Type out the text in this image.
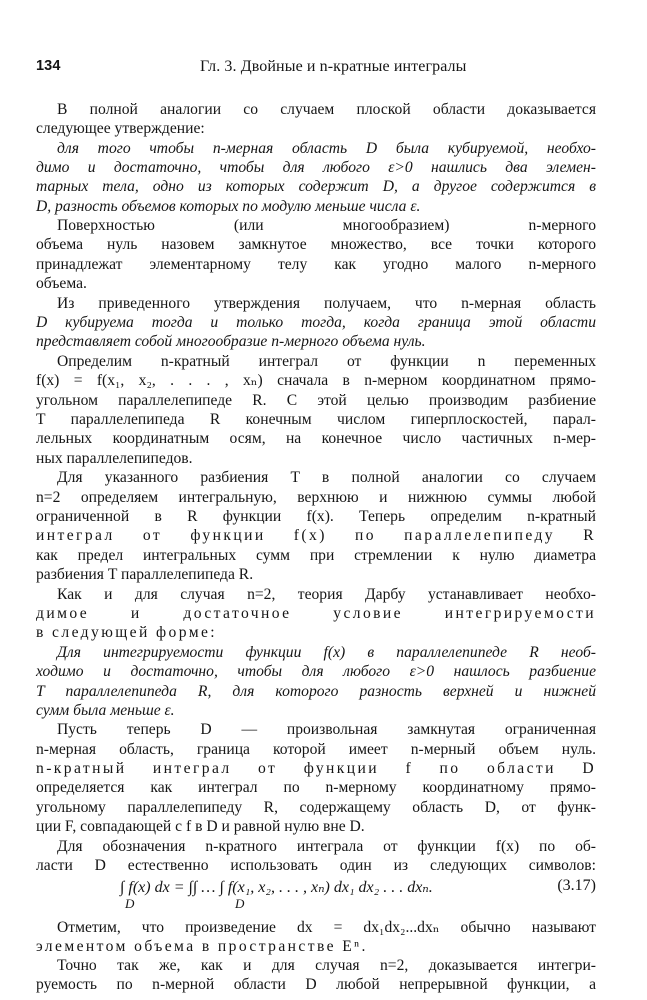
134	Гл. 3. Двойные и n-кратные интегралы
В полной аналогии со случаем плоской области доказывается
следующее утверждение:
для того чтобы n-мерная область D была кубируемой, необхо-
димо и достаточно, чтобы для любого ε>0 нашлись два элемен-
тарных тела, одно из которых содержит D, а другое содержится в
D, разность объемов которых по модулю меньше числа ε.
Поверхностью (или многообразием) n-мерного
объема нуль назовем замкнутое множество, все точки которого
принадлежат элементарному телу как угодно малого n-мерного
объема.
Из приведенного утверждения получаем, что n-мерная область
D кубируема тогда и только тогда, когда граница этой области
представляет собой многообразие n-мерного объема нуль.
Определим n-кратный интеграл от функции n переменных
f(x) = f(x₁, x₂, . . . , xₙ) сначала в n-мерном координатном прямо-
угольном параллелепипеде R. С этой целью производим разбиение
T параллелепипеда R конечным числом гиперплоскостей, парал-
лельных координатным осям, на конечное число частичных n-мер-
ных параллелепипедов.
Для указанного разбиения T в полной аналогии со случаем
n=2 определяем интегральную, верхнюю и нижнюю суммы любой
ограниченной в R функции f(x). Теперь определим n-кратный
интеграл от функции f(x) по параллелепипеду R
как предел интегральных сумм при стремлении к нулю диаметра
разбиения T параллелепипеда R.
Как и для случая n=2, теория Дарбу устанавливает необхо-
димое и достаточное условие интегрируемости
в следующей форме:
Для интегрируемости функции f(x) в параллелепипеде R необ-
ходимо и достаточно, чтобы для любого ε>0 нашлось разбиение
T параллелепипеда R, для которого разность верхней и нижней
сумм была меньше ε.
Пусть теперь D — произвольная замкнутая ограниченная
n-мерная область, граница которой имеет n-мерный объем нуль.
n-кратный интеграл от функции f по области D
определяется как интеграл по n-мерному координатному прямо-
угольному параллелепипеду R, содержащему область D, от функ-
ции F, совпадающей с f в D и равной нулю вне D.
Для обозначения n-кратного интеграла от функции f(x) по об-
ласти D естественно использовать один из следующих символов:
∫ f(x) dx = ∫∫ … ∫ f(x₁, x₂, . . . , xₙ) dx₁ dx₂ . . . dxₙ.
D	D
(3.17)
Отметим, что произведение dx = dx₁dx₂...dxₙ обычно называют
элементом объема в пространстве Eⁿ.
Точно так же, как и для случая n=2, доказывается интегри-
руемость по n-мерной области D любой непрерывной функции, а
